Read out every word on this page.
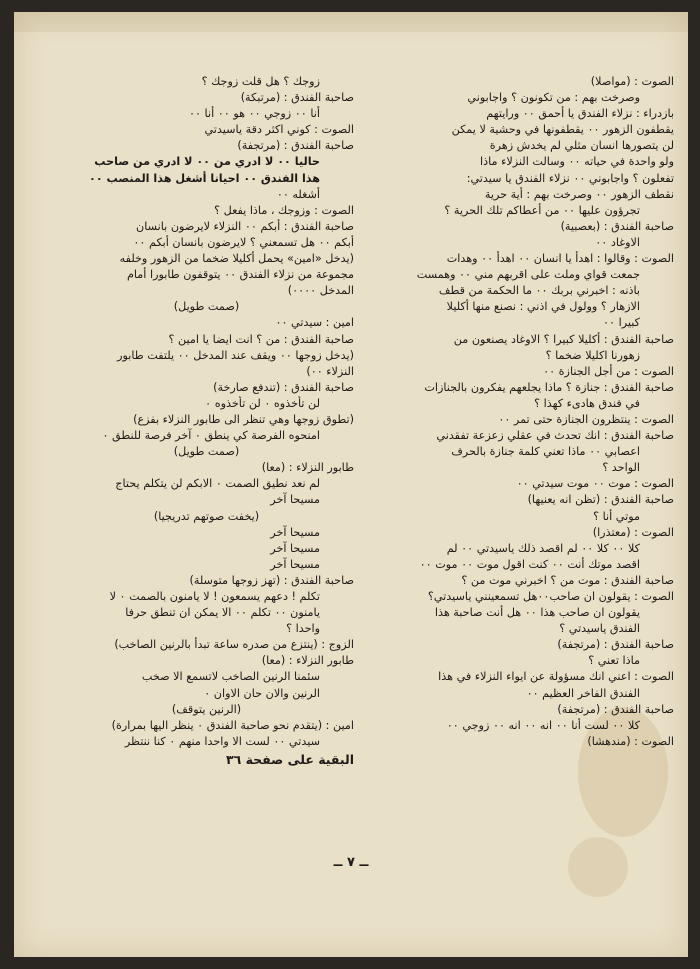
الصوت : (مواصلا)
وصرخت بهم : من تكونون ؟ واجابوني
بازدراء : نزلاء الفندق يا أحمق ٠٠ ورايتهم
يقطفون الزهور ٠٠ يقطفونها في وحشية لا يمكن
لن يتصورها انسان مثلي لم يخدش زهرة
ولو واحدة في حياته ٠٠ وسالت النزلاء ماذا
تفعلون ؟ واجابوني ٠٠ نزلاء الفندق يا سيدتي:
نقطف الزهور ٠٠ وصرخت بهم : أية حرية
تجرؤون عليها ٠٠ من أعطاكم تلك الحرية ؟
صاحبة الفندق : (بعصبية)
الاوغاد ٠٠
الصوت : وقالوا : اهدأ يا انسان ٠٠ اهدأ ٠٠ وهدات
جمعت قواي وملت على اقربهم مني ٠٠ وهمست
باذنه : اخبرني بربك ٠٠ ما الحكمة من قطف
الازهار ؟ وولول في اذني : نصنع منها أكليلا
كبيرا ٠٠
صاحبة الفندق : أكليلا كبيرا ؟ الاوغاد يصنعون من
زهورنا اكليلا ضخما ؟
الصوت : من أجل الجنازة ٠٠
صاحبة الفندق : جنازة ؟ ماذا يجلعهم يفكرون بالجنازات
في فندق هادىء كهذا ؟
الصوت : ينتظرون الجنازة حتى تمر ٠٠
صاحبة الفندق : انك تحدث في عقلي زعزعة تفقدني
اعصابي ٠٠ ماذا تعني كلمة جنازة بالحرف
الواحد ؟
الصوت : موت ٠٠ موت سيدتي ٠٠
صاحبة الفندق : (تظن انه يعنيها)
موتي أنا ؟
الصوت : (معتذرا)
كلا ٠٠ كلا ٠٠ لم اقصد ذلك ياسيدتي ٠٠ لم
اقصد موتك أنت ٠٠ كنت اقول موت ٠٠ موت ٠٠
صاحبة الفندق : موت من ؟ اخبرني موت من ؟
الصوت : يقولون ان صاحب٠٠هل تسمعينني ياسيدتي؟
يقولون ان صاحب هذا ٠٠ هل أنت صاحبة هذا
الفندق ياسيدتي ؟
صاحبة الفندق : (مرتجفة)
ماذا تعني ؟
الصوت : اعني انك مسؤولة عن ايواء النزلاء في هذا
الفندق الفاخر العظيم ٠٠
صاحبة الفندق : (مرتجفة)
كلا ٠٠ لست أنا ٠٠ انه ٠٠ انه ٠٠ زوجي ٠٠
الصوت : (مندهشا)
زوجك ؟ هل قلت زوجك ؟
صاحبة الفندق : (مرتبكة)
أنا ٠٠ زوجي ٠٠ هو ٠٠ أنا ٠٠
الصوت : كوني اكثر دقة ياسيدتي
صاحبة الفندق : (مرتجفة)
حاليا ٠٠ لا ادري من ٠٠ لا ادري من صاحب
هذا الفندق ٠٠ احيانا أشغل هذا المنصب ٠٠
أشغله ٠٠
الصوت : وزوجك ، ماذا يفعل ؟
صاحبة الفندق : أبكم ٠٠ النزلاء لايرضون بانسان
أبكم ٠٠ هل تسمعني ؟ لايرضون بانسان أبكم ٠٠
(يدخل «امين» يحمل أكليلا ضخما من الزهور وخلفه
مجموعة من نزلاء الفندق ٠٠ يتوقفون طابورا أمام
المدخل ٠٠٠٠)
(صمت طويل)
امين : سيدتي ٠٠
صاحبة الفندق : من ؟ انت ايضا يا امين ؟
(يدخل زوجها ٠٠ ويقف عند المدخل ٠٠ يلتفت طابور
النزلاء ٠٠)
صاحبة الفندق : (تندفع صارخة)
لن تأخذوه ٠ لن تأخذوه ٠
(تطوق زوجها وهي تنظر الى طابور النزلاء بفزع)
امنحوه الفرصة كي ينطق ٠ آخر فرصة للنطق ٠
(صمت طويل)
طابور النزلاء : (معا)
لم نعد نطيق الصمت ٠ الابكم لن يتكلم يحتاج
مسيحا آخر
(يخفت صوتهم تدريجيا)
مسيحا آخر
مسيحا آخر
مسيحا آخر
صاحبة الفندق : (تهز زوجها متوسلة)
تكلم ! دعهم يسمعون ! لا يامنون بالصمت ٠ لا
يامنون ٠٠ تكلم ٠٠ الا يمكن ان تنطق حرفا
واحدا ؟
الزوج : (ينتزع من صدره ساعة تبدأ بالرنين الصاخب)
طابور النزلاء : (معا)
سئمنا الرنين الصاخب لاتسمع الا صخب
الرنين والان حان الاوان ٠
(الرنين يتوقف)
امين : (يتقدم نحو صاحبة الفندق ٠ ينظر اليها بمرارة)
سيدتي ٠٠ لست الا واحدا منهم ٠ كنا ننتظر
البقية على صفحة ٣٦
ــ ٧ ــ
